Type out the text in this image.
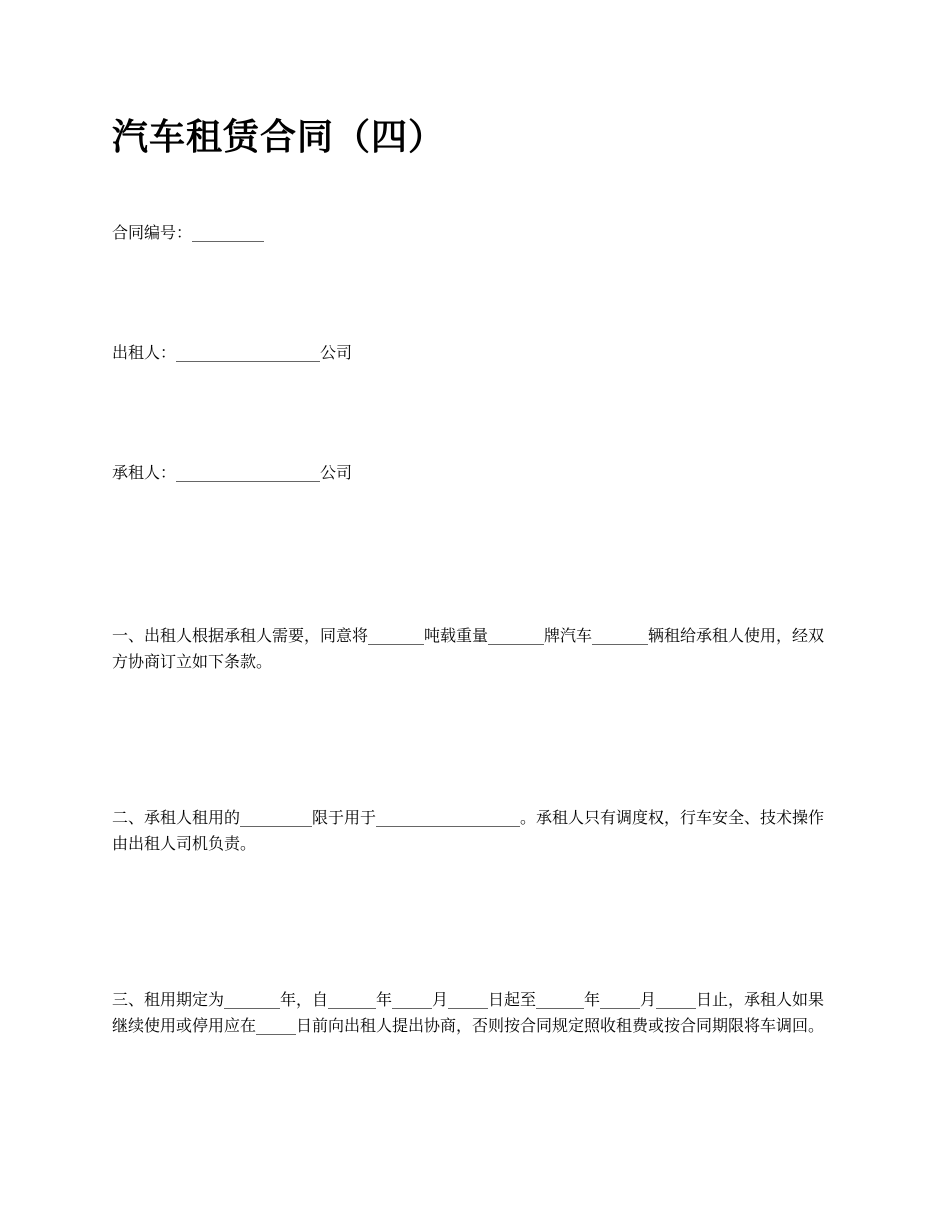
汽车租赁合同（四）

合同编号：_________

出租人：__________________公司

承租人：__________________公司

一、出租人根据承租人需要，同意将_______吨载重量_______牌汽车_______辆租给承租人使用，经双方协商订立如下条款。

二、承租人租用的_________限于用于__________________。承租人只有调度权，行车安全、技术操作由出租人司机负责。

三、租用期定为_______年，自______年_____月_____日起至______年_____月_____日止，承租人如果继续使用或停用应在_____日前向出租人提出协商，否则按合同规定照收租费或按合同期限将车调回。
